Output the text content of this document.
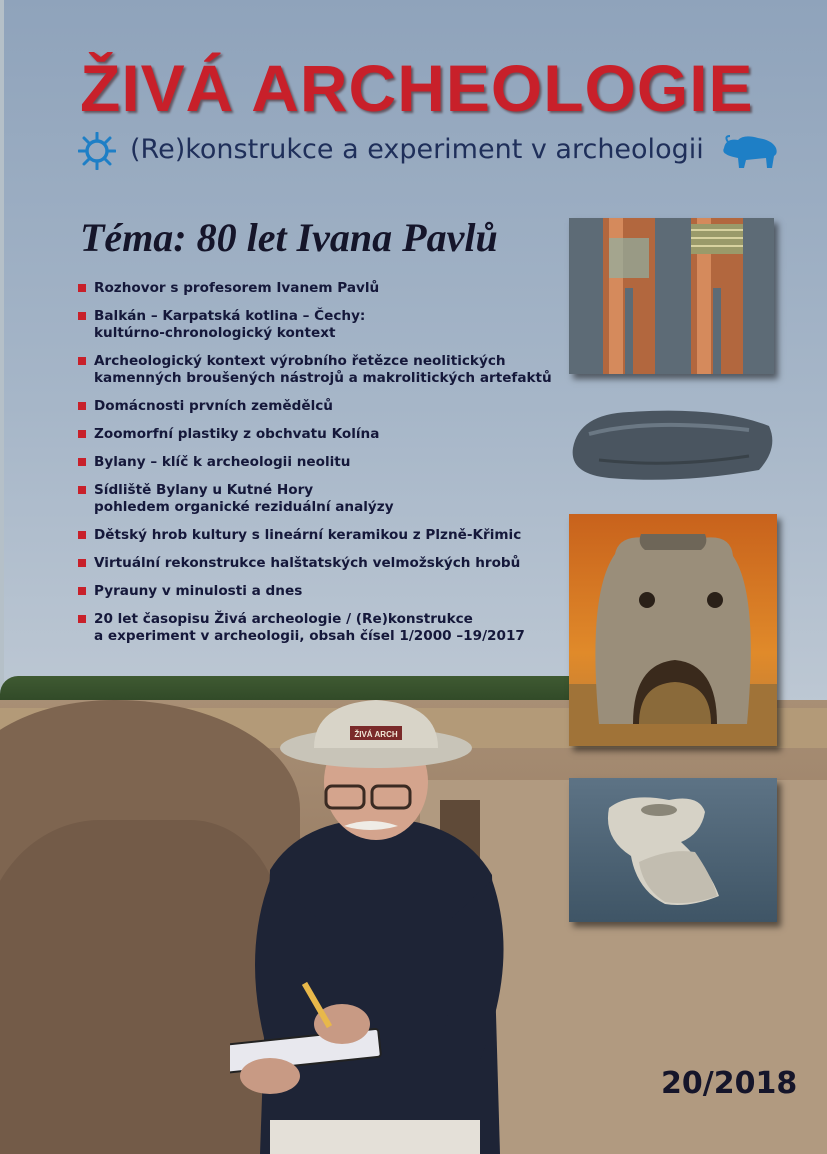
ŽIVÁ ARCH
ŽIVÁ ARCHEOLOGIE
(Re)konstrukce a experiment v archeologii
Téma: 80 let Ivana Pavlů
Rozhovor s profesorem Ivanem Pavlů
Balkán – Karpatská kotlina – Čechy:
kultúrno-chronologický kontext
Archeologický kontext výrobního řetězce neolitických
kamenných broušených nástrojů a makrolitických artefaktů
Domácnosti prvních zemědělců
Zoomorfní plastiky z obchvatu Kolína
Bylany – klíč k archeologii neolitu
Sídliště Bylany u Kutné Hory
pohledem organické reziduální analýzy
Dětský hrob kultury s lineární keramikou z Plzně-Křimic
Virtuální rekonstrukce halštatských velmožských hrobů
Pyrauny v minulosti a dnes
20 let časopisu Živá archeologie / (Re)konstrukce
a experiment v archeologii, obsah čísel 1/2000 –19/2017
20/2018
